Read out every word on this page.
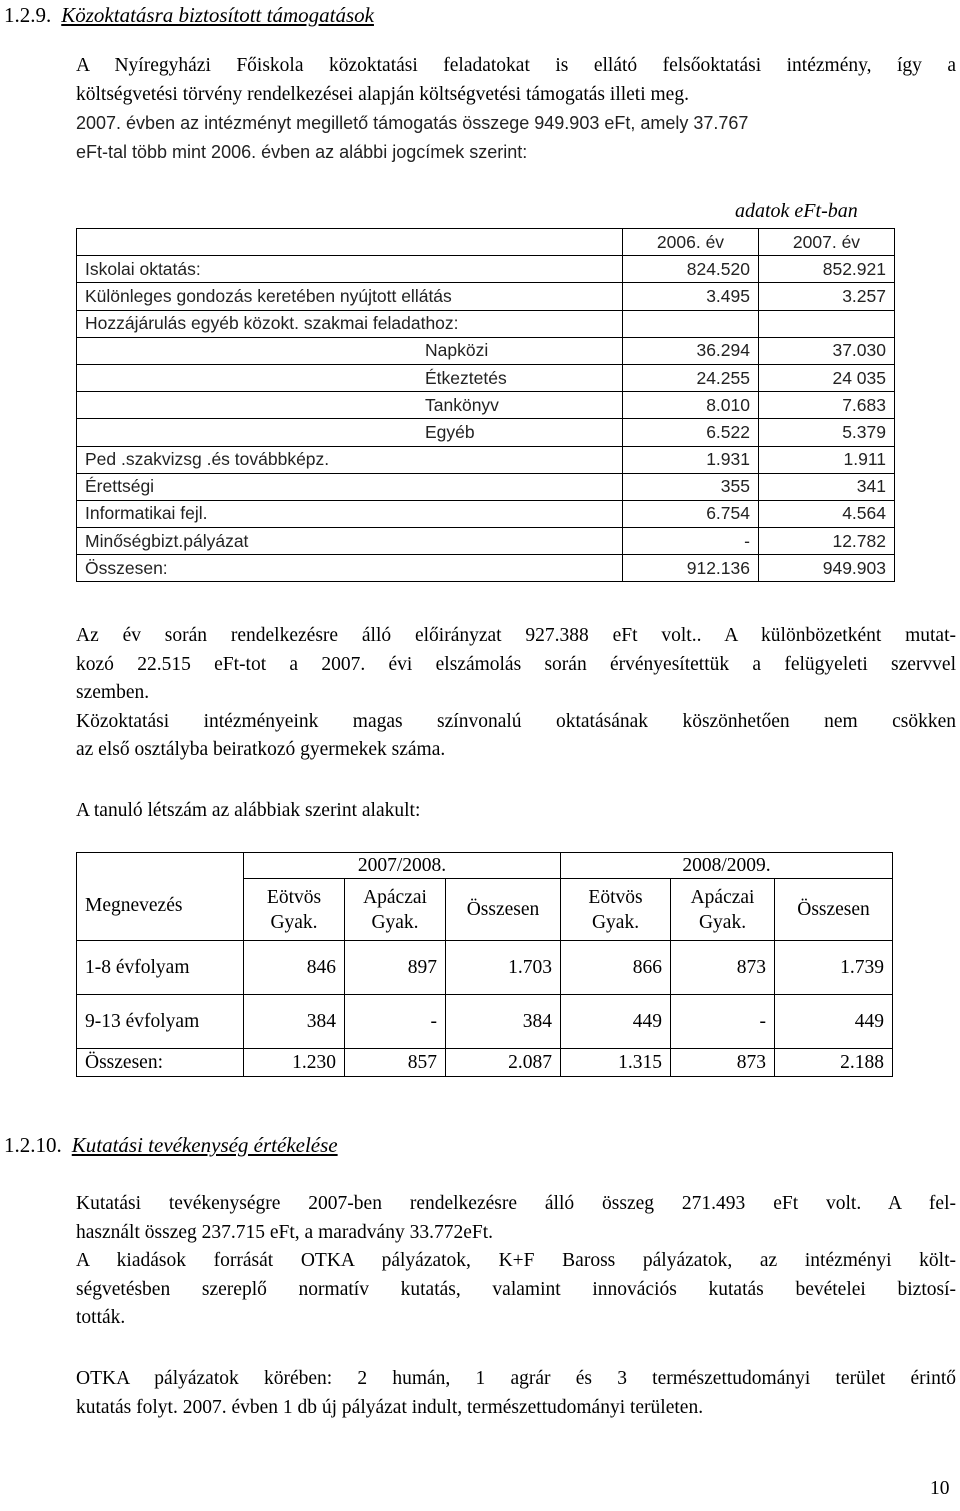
1.2.9. Közoktatásra biztosított támogatások
A Nyíregyházi Főiskola közoktatási feladatokat is ellátó felsőoktatási intézmény, így a
költségvetési törvény rendelkezései alapján költségvetési támogatás illeti meg.
2007. évben az intézményt megillető támogatás összege 949.903 eFt, amely 37.767
eFt-tal több mint 2006. évben az alábbi jogcímek szerint:
adatok eFt-ban
	2006. év	2007. év
Iskolai oktatás:	824.520	852.921
Különleges gondozás keretében nyújtott ellátás	3.495	3.257
Hozzájárulás egyéb közokt. szakmai feladathoz:		
Napközi	36.294	37.030
Étkeztetés	24.255	24 035
Tankönyv	8.010	7.683
Egyéb	6.522	5.379
Ped .szakvizsg .és továbbképz.	1.931	1.911
Érettségi	355	341
Informatikai fejl.	6.754	4.564
Minőségbizt.pályázat	-	12.782
Összesen:	912.136	949.903
Az év során rendelkezésre álló előirányzat 927.388 eFt volt.. A különbözetként mutat-
kozó 22.515 eFt-tot a 2007. évi elszámolás során érvényesítettük a felügyeleti szervvel
szemben.
Közoktatási intézményeink magas színvonalú oktatásának köszönhetően nem csökken
az első osztályba beiratkozó gyermekek száma.
A tanuló létszám az alábbiak szerint alakult:
Megnevezés	2007/2008.			2008/2009.		
	Eötvös Gyak.	Apáczai Gyak.	Összesen	Eötvös Gyak.	Apáczai Gyak.	Összesen
1-8 évfolyam	846	897	1.703	866	873	1.739
9-13 évfolyam	384	-	384	449	-	449
Összesen:	1.230	857	2.087	1.315	873	2.188
1.2.10. Kutatási tevékenység értékelése
Kutatási tevékenységre 2007-ben rendelkezésre álló összeg 271.493 eFt volt. A fel-
használt összeg 237.715 eFt, a maradvány 33.772eFt.
A kiadások forrását OTKA pályázatok, K+F Baross pályázatok, az intézményi költ-
ségvetésben szereplő normatív kutatás, valamint innovációs kutatás bevételei biztosí-
tották.
OTKA pályázatok körében: 2 humán, 1 agrár és 3 természettudományi terület érintő
kutatás folyt. 2007. évben 1 db új pályázat indult, természettudományi területen.
10
